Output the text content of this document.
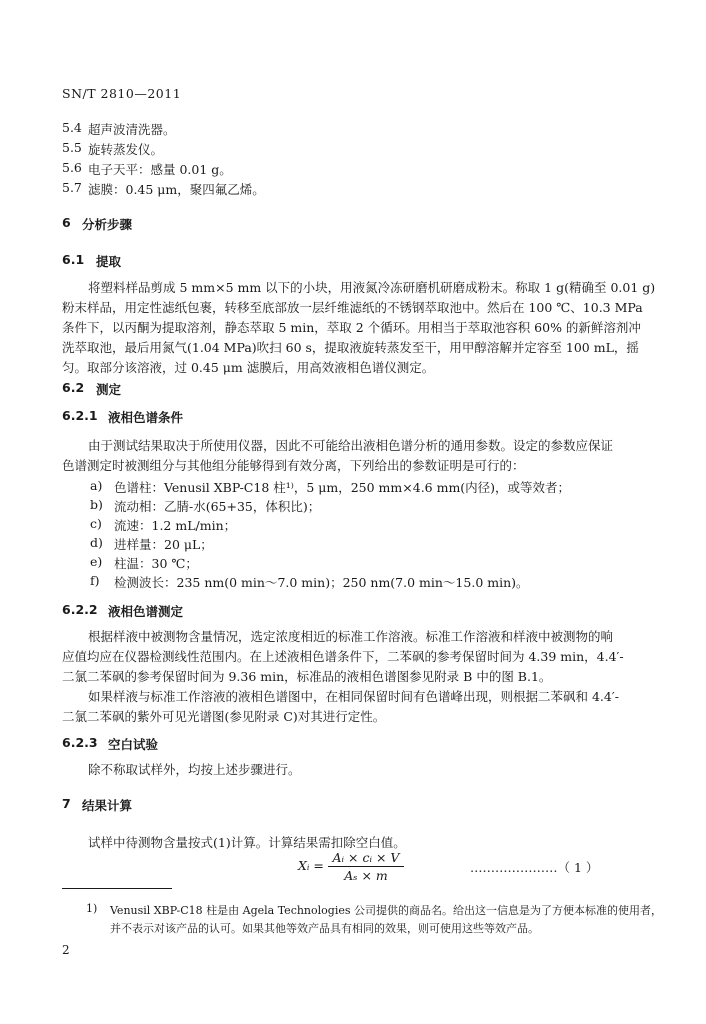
SN/T 2810—2011
5.4 超声波清洗器。
5.5 旋转蒸发仪。
5.6 电子天平：感量 0.01 g。
5.7 滤膜：0.45 μm，聚四氟乙烯。
6 分析步骤
6.1 提取
将塑料样品剪成 5 mm×5 mm 以下的小块，用液氮冷冻研磨机研磨成粉末。称取 1 g(精确至 0.01 g)
粉末样品，用定性滤纸包裹，转移至底部放一层纤维滤纸的不锈钢萃取池中。然后在 100 ℃、10.3 MPa
条件下，以丙酮为提取溶剂，静态萃取 5 min，萃取 2 个循环。用相当于萃取池容积 60% 的新鲜溶剂冲
洗萃取池，最后用氮气(1.04 MPa)吹扫 60 s，提取液旋转蒸发至干，用甲醇溶解并定容至 100 mL，摇
匀。取部分该溶液，过 0.45 μm 滤膜后，用高效液相色谱仪测定。
6.2 测定
6.2.1 液相色谱条件
由于测试结果取决于所使用仪器，因此不可能给出液相色谱分析的通用参数。设定的参数应保证
色谱测定时被测组分与其他组分能够得到有效分离，下列给出的参数证明是可行的：
a) 色谱柱：Venusil XBP-C18 柱¹⁾，5 μm，250 mm×4.6 mm(内径)，或等效者；
b) 流动相：乙腈-水(65+35，体积比)；
c) 流速：1.2 mL/min；
d) 进样量：20 μL；
e) 柱温：30 ℃；
f) 检测波长：235 nm(0 min～7.0 min)；250 nm(7.0 min～15.0 min)。
6.2.2 液相色谱测定
根据样液中被测物含量情况，选定浓度相近的标准工作溶液。标准工作溶液和样液中被测物的响
应值均应在仪器检测线性范围内。在上述液相色谱条件下，二苯砜的参考保留时间为 4.39 min，4.4′-
二氯二苯砜的参考保留时间为 9.36 min，标准品的液相色谱图参见附录 B 中的图 B.1。
如果样液与标准工作溶液的液相色谱图中，在相同保留时间有色谱峰出现，则根据二苯砜和 4.4′-
二氯二苯砜的紫外可见光谱图(参见附录 C)对其进行定性。
6.2.3 空白试验
除不称取试样外，均按上述步骤进行。
7 结果计算
试样中待测物含量按式(1)计算。计算结果需扣除空白值。
Xᵢ = $\frac{\text{Aᵢ × cᵢ × V}}{\text{Aₛ × m}}$	…………………（ 1 ）
1) Venusil XBP-C18 柱是由 Agela Technologies 公司提供的商品名。给出这一信息是为了方便本标准的使用者，
并不表示对该产品的认可。如果其他等效产品具有相同的效果，则可使用这些等效产品。
2
